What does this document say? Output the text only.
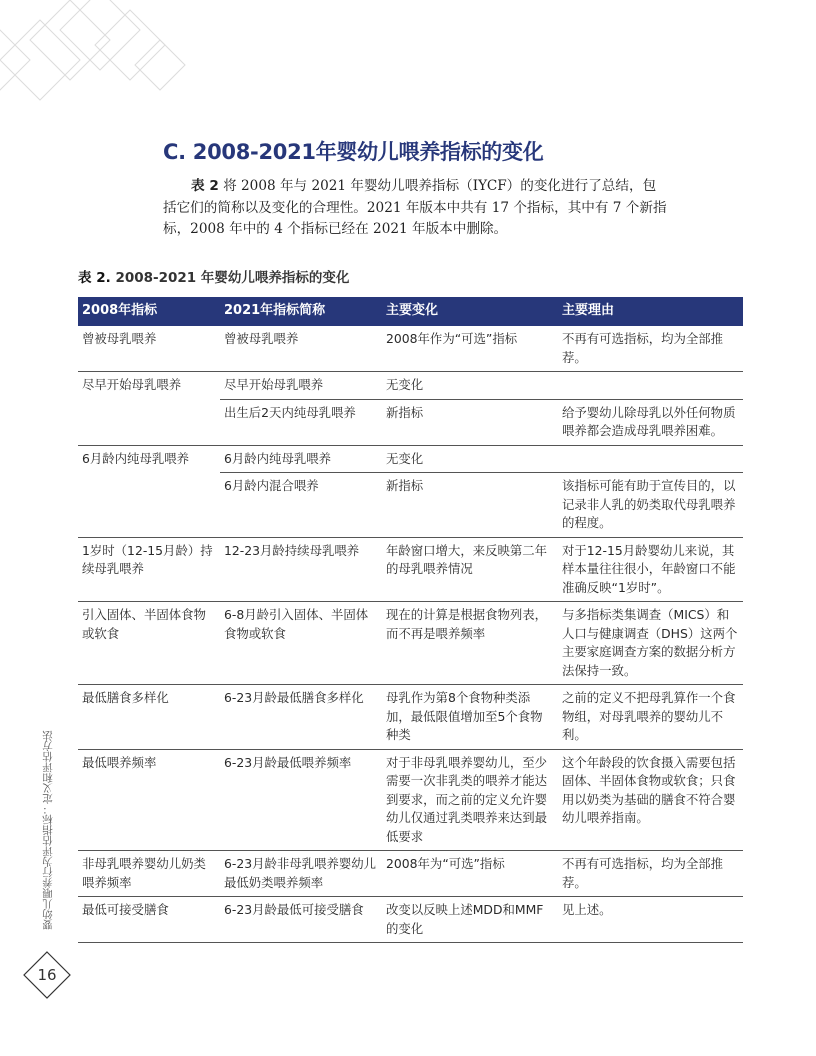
C. 2008-2021年婴幼儿喂养指标的变化

表 2 将 2008 年与 2021 年婴幼儿喂养指标（IYCF）的变化进行了总结，包括它们的简称以及变化的合理性。2021 年版本中共有 17 个指标，其中有 7 个新指标，2008 年中的 4 个指标已经在 2021 年版本中删除。

表 2. 2008-2021 年婴幼儿喂养指标的变化

2008年指标	2021年指标简称	主要变化	主要理由
曾被母乳喂养	曾被母乳喂养	2008年作为“可选”指标	不再有可选指标，均为全部推荐。
尽早开始母乳喂养	尽早开始母乳喂养	无变化	
	出生后2天内纯母乳喂养	新指标	给予婴幼儿除母乳以外任何物质喂养都会造成母乳喂养困难。
6月龄内纯母乳喂养	6月龄内纯母乳喂养	无变化	
	6月龄内混合喂养	新指标	该指标可能有助于宣传目的，以记录非人乳的奶类取代母乳喂养的程度。
1岁时（12-15月龄）持续母乳喂养	12-23月龄持续母乳喂养	年龄窗口增大，来反映第二年的母乳喂养情况	对于12-15月龄婴幼儿来说，其样本量往往很小，年龄窗口不能准确反映“1岁时”。
引入固体、半固体食物或软食	6-8月龄引入固体、半固体食物或软食	现在的计算是根据食物列表，而不再是喂养频率	与多指标类集调查（MICS）和人口与健康调查（DHS）这两个主要家庭调查方案的数据分析方法保持一致。
最低膳食多样化	6-23月龄最低膳食多样化	母乳作为第8个食物种类添加，最低限值增加至5个食物种类	之前的定义不把母乳算作一个食物组，对母乳喂养的婴幼儿不利。
最低喂养频率	6-23月龄最低喂养频率	对于非母乳喂养婴幼儿，至少需要一次非乳类的喂养才能达到要求，而之前的定义允许婴幼儿仅通过乳类喂养来达到最低要求	这个年龄段的饮食摄入需要包括固体、半固体食物或软食；只食用以奶类为基础的膳食不符合婴幼儿喂养指南。
非母乳喂养婴幼儿奶类喂养频率	6-23月龄非母乳喂养婴幼儿最低奶类喂养频率	2008年为“可选”指标	不再有可选指标，均为全部推荐。
最低可接受膳食	6-23月龄最低可接受膳食	改变以反映上述MDD和MMF的变化	见上述。
婴幼儿喂养行为评估指标：定义和评估方法
16
